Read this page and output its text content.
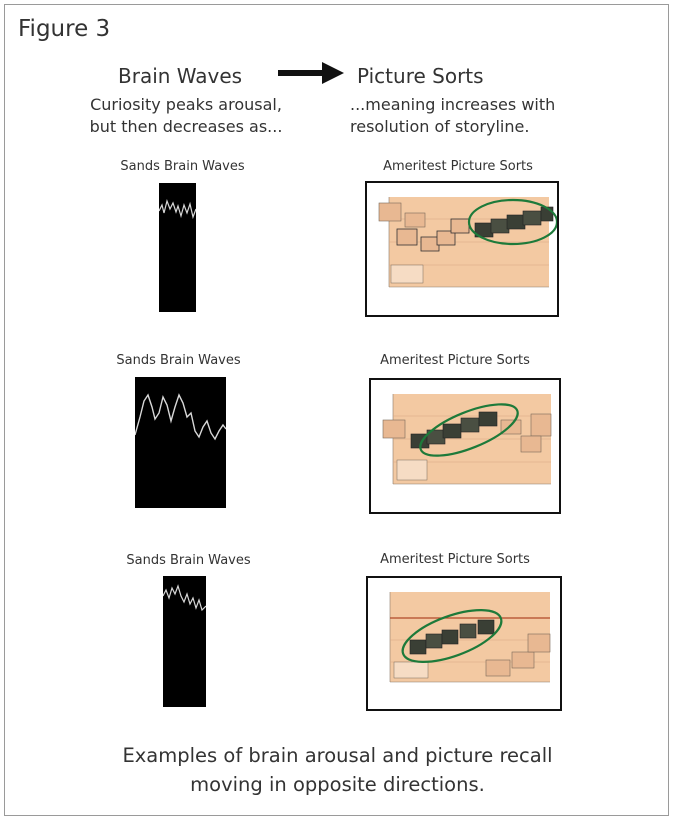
Figure 3
Brain Waves	Picture Sorts
Curiosity peaks arousal,
but then decreases as...
...meaning increases with
resolution of storyline.
Sands Brain Waves	Ameritest Picture Sorts
Sands Brain Waves	Ameritest Picture Sorts
Sands Brain Waves	Ameritest Picture Sorts
Examples of brain arousal and picture recall
moving in opposite directions.
